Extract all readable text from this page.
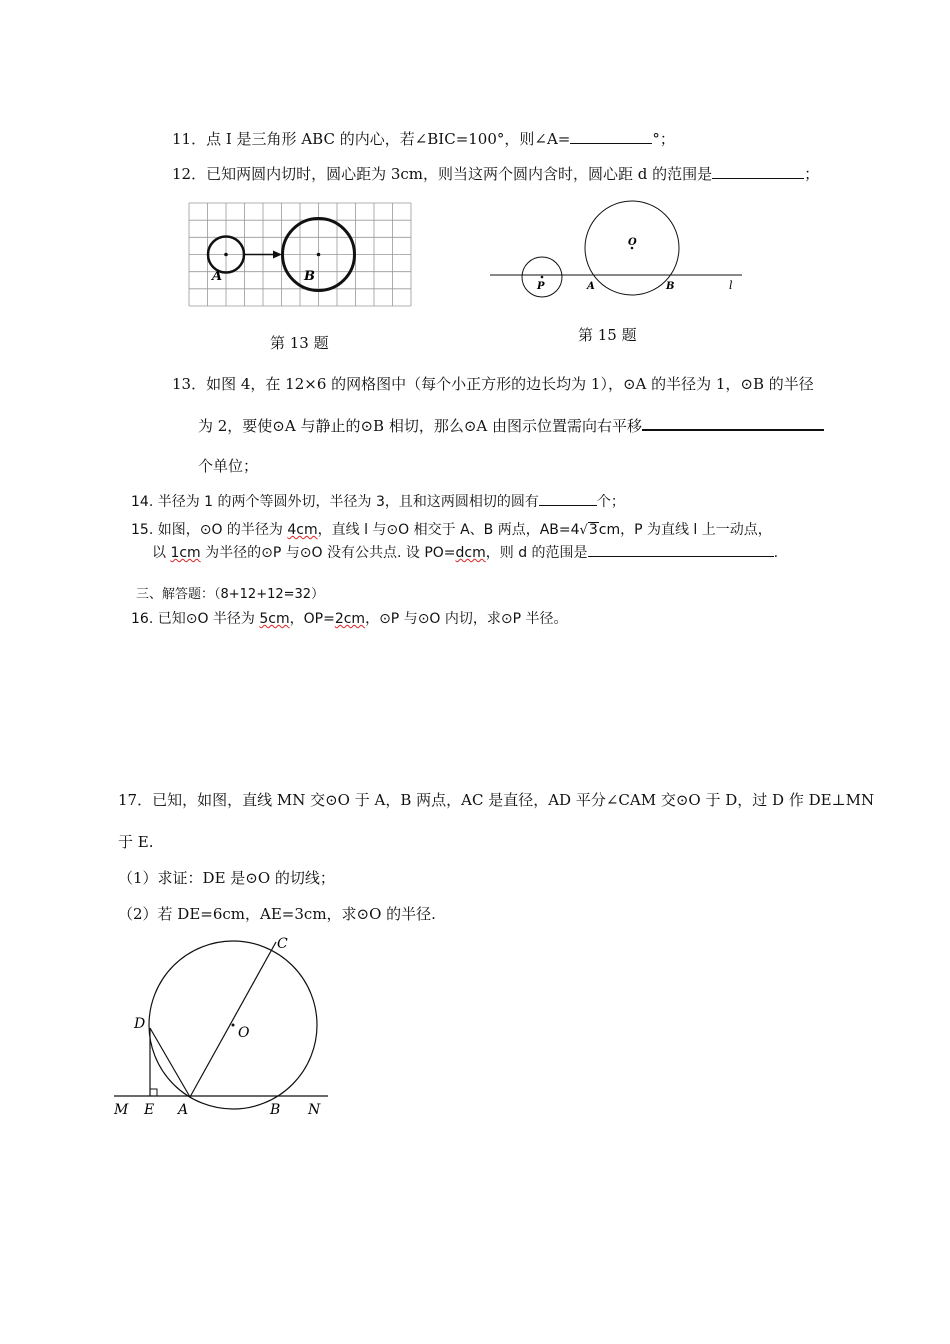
11．点 I 是三角形 ABC 的内心，若∠BIC=100°，则∠A=	°；
12．已知两圆内切时，圆心距为 3cm，则当这两个圆内含时，圆心距 d 的范围是	；
A	B
第 13 题
O
P	A	B	l
第 15 题
13．如图 4，在 12×6 的网格图中（每个小正方形的边长均为 1），⊙A 的半径为 1，⊙B 的半径
为 2，要使⊙A 与静止的⊙B 相切，那么⊙A 由图示位置需向右平移
个单位；
14. 半径为 1 的两个等圆外切，半径为 3，且和这两圆相切的圆有	个；
15. 如图，⊙O 的半径为 4cm，直线 l 与⊙O 相交于 A、B 两点，AB=4√3cm，P 为直线 l 上一动点，
以 1cm 为半径的⊙P 与⊙O 没有公共点. 设 PO=dcm，则 d 的范围是	.
三、解答题：（8+12+12=32）
16. 已知⊙O 半径为 5cm，OP=2cm，⊙P 与⊙O 内切，求⊙P 半径。
17．已知，如图，直线 MN 交⊙O 于 A，B 两点，AC 是直径，AD 平分∠CAM 交⊙O 于 D，过 D 作 DE⊥MN
于 E.
（1）求证：DE 是⊙O 的切线；
（2）若 DE=6cm，AE=3cm，求⊙O 的半径.
C
D
O
M E A	B N
